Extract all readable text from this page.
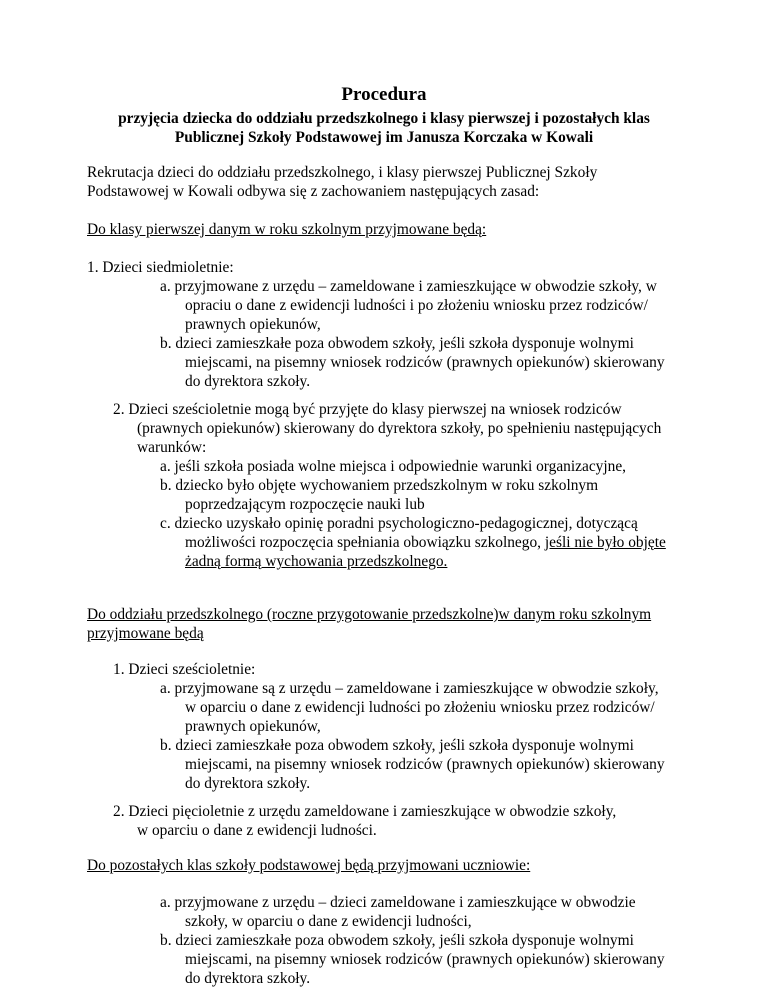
Procedura
przyjęcia dziecka do oddziału przedszkolnego i klasy pierwszej i pozostałych klas
Publicznej Szkoły Podstawowej im Janusza Korczaka w Kowali
Rekrutacja dzieci do oddziału przedszkolnego, i klasy pierwszej Publicznej Szkoły
Podstawowej w Kowali odbywa się z zachowaniem następujących zasad:
Do klasy pierwszej danym w roku szkolnym przyjmowane będą:
1. Dzieci siedmioletnie:
a. przyjmowane z urzędu – zameldowane i zamieszkujące w obwodzie szkoły, w
opraciu o dane z ewidencji ludności i po złożeniu wniosku przez rodziców/
prawnych opiekunów,
b. dzieci zamieszkałe poza obwodem szkoły, jeśli szkoła dysponuje wolnymi
miejscami, na pisemny wniosek rodziców (prawnych opiekunów) skierowany
do dyrektora szkoły.
2. Dzieci sześcioletnie mogą być przyjęte do klasy pierwszej na wniosek rodziców
(prawnych opiekunów) skierowany do dyrektora szkoły, po spełnieniu następujących
warunków:
a. jeśli szkoła posiada wolne miejsca i odpowiednie warunki organizacyjne,
b. dziecko było objęte wychowaniem przedszkolnym w roku szkolnym
poprzedzającym rozpoczęcie nauki lub
c. dziecko uzyskało opinię poradni psychologiczno-pedagogicznej, dotyczącą
możliwości rozpoczęcia spełniania obowiązku szkolnego, jeśli nie było objęte
żadną formą wychowania przedszkolnego.
Do oddziału przedszkolnego (roczne przygotowanie przedszkolne)w danym roku szkolnym
przyjmowane będą
1. Dzieci sześcioletnie:
a. przyjmowane są z urzędu – zameldowane i zamieszkujące w obwodzie szkoły,
w oparciu o dane z ewidencji ludności po złożeniu wniosku przez rodziców/
prawnych opiekunów,
b. dzieci zamieszkałe poza obwodem szkoły, jeśli szkoła dysponuje wolnymi
miejscami, na pisemny wniosek rodziców (prawnych opiekunów) skierowany
do dyrektora szkoły.
2. Dzieci pięcioletnie z urzędu zameldowane i zamieszkujące w obwodzie szkoły,
w oparciu o dane z ewidencji ludności.
Do pozostałych klas szkoły podstawowej będą przyjmowani uczniowie:
a. przyjmowane z urzędu – dzieci zameldowane i zamieszkujące w obwodzie
szkoły, w oparciu o dane z ewidencji ludności,
b. dzieci zamieszkałe poza obwodem szkoły, jeśli szkoła dysponuje wolnymi
miejscami, na pisemny wniosek rodziców (prawnych opiekunów) skierowany
do dyrektora szkoły.
